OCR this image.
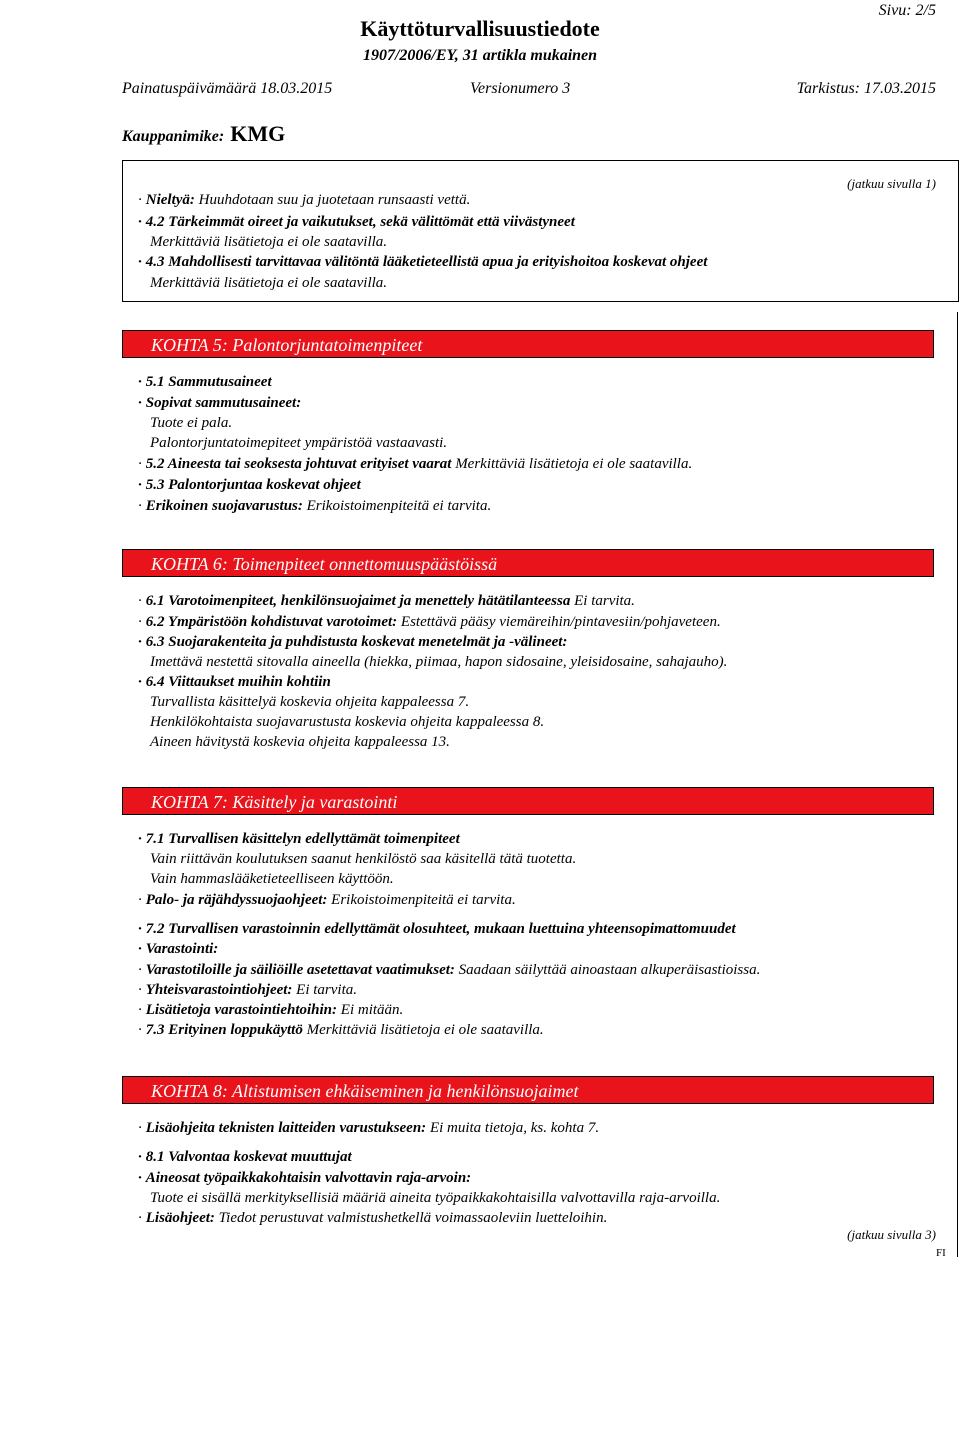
Sivu: 2/5
Käyttöturvallisuustiedote
1907/2006/EY, 31 artikla mukainen
Painatuspäivämäärä 18.03.2015	Versionumero 3	Tarkistus: 17.03.2015
Kauppanimike: KMG
(jatkuu sivulla 1)
· Nieltyä: Huuhdotaan suu ja juotetaan runsaasti vettä.
· 4.2 Tärkeimmät oireet ja vaikutukset, sekä välittömät että viivästyneet
Merkittäviä lisätietoja ei ole saatavilla.
· 4.3 Mahdollisesti tarvittavaa välitöntä lääketieteellistä apua ja erityishoitoa koskevat ohjeet
Merkittäviä lisätietoja ei ole saatavilla.
KOHTA 5: Palontorjuntatoimenpiteet
· 5.1 Sammutusaineet
· Sopivat sammutusaineet:
Tuote ei pala.
Palontorjuntatoimepiteet ympäristöä vastaavasti.
· 5.2 Aineesta tai seoksesta johtuvat erityiset vaarat Merkittäviä lisätietoja ei ole saatavilla.
· 5.3 Palontorjuntaa koskevat ohjeet
· Erikoinen suojavarustus: Erikoistoimenpiteitä ei tarvita.
KOHTA 6: Toimenpiteet onnettomuuspäästöissä
· 6.1 Varotoimenpiteet, henkilönsuojaimet ja menettely hätätilanteessa Ei tarvita.
· 6.2 Ympäristöön kohdistuvat varotoimet: Estettävä pääsy viemäreihin/pintavesiin/pohjaveteen.
· 6.3 Suojarakenteita ja puhdistusta koskevat menetelmät ja -välineet:
Imettävä nestettä sitovalla aineella (hiekka, piimaa, hapon sidosaine, yleisidosaine, sahajauho).
· 6.4 Viittaukset muihin kohtiin
Turvallista käsittelyä koskevia ohjeita kappaleessa 7.
Henkilökohtaista suojavarustusta koskevia ohjeita kappaleessa 8.
Aineen hävitystä koskevia ohjeita kappaleessa 13.
KOHTA 7: Käsittely ja varastointi
· 7.1 Turvallisen käsittelyn edellyttämät toimenpiteet
Vain riittävän koulutuksen saanut henkilöstö saa käsitellä tätä tuotetta.
Vain hammaslääketieteelliseen käyttöön.
· Palo- ja räjähdyssuojaohjeet: Erikoistoimenpiteitä ei tarvita.
· 7.2 Turvallisen varastoinnin edellyttämät olosuhteet, mukaan luettuina yhteensopimattomuudet
· Varastointi:
· Varastotiloille ja säiliöille asetettavat vaatimukset: Saadaan säilyttää ainoastaan alkuperäisastioissa.
· Yhteisvarastointiohjeet: Ei tarvita.
· Lisätietoja varastointiehtoihin: Ei mitään.
· 7.3 Erityinen loppukäyttö Merkittäviä lisätietoja ei ole saatavilla.
KOHTA 8: Altistumisen ehkäiseminen ja henkilönsuojaimet
· Lisäohjeita teknisten laitteiden varustukseen: Ei muita tietoja, ks. kohta 7.
· 8.1 Valvontaa koskevat muuttujat
· Aineosat työpaikkakohtaisin valvottavin raja-arvoin:
Tuote ei sisällä merkityksellisiä määriä aineita työpaikkakohtaisilla valvottavilla raja-arvoilla.
· Lisäohjeet: Tiedot perustuvat valmistushetkellä voimassaoleviin luetteloihin.
(jatkuu sivulla 3)
FI
